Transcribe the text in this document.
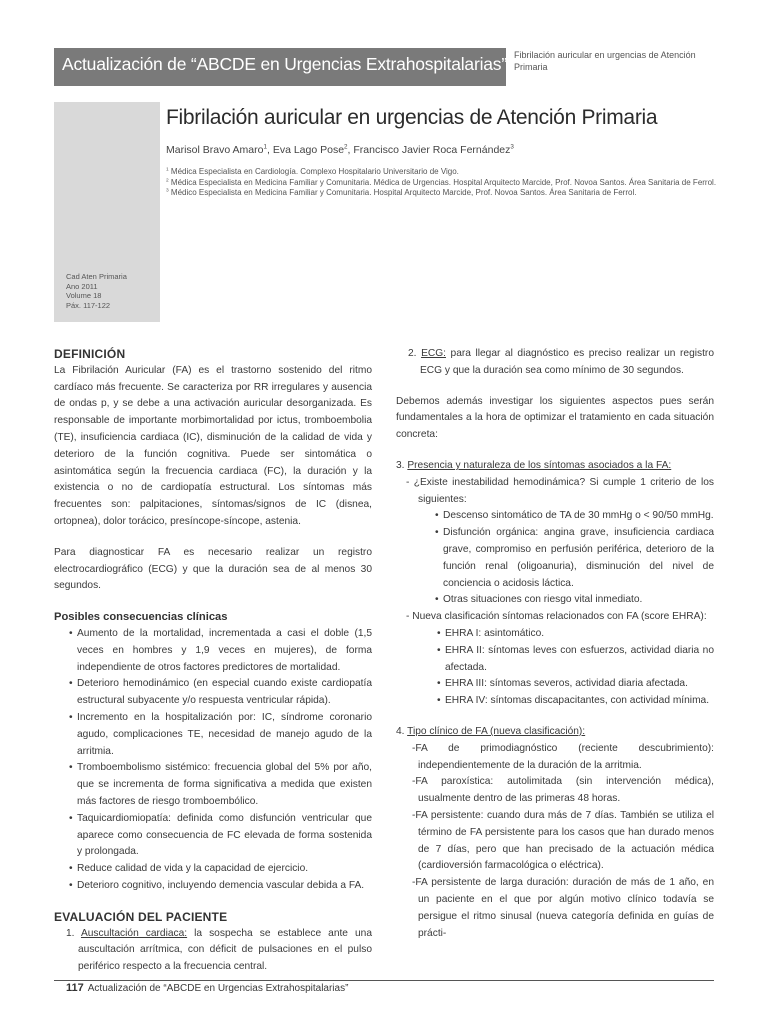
Actualización de “ABCDE en Urgencias Extrahospitalarias” Fibrilación auricular en urgencias de Atención Primaria
Cad Aten Primaria
Ano 2011
Volume 18
Páx. 117-122
Fibrilación auricular en urgencias de Atención Primaria
Marisol Bravo Amaro$^1$, Eva Lago Pose$^2$, Francisco Javier Roca Fernández$^3$
$^1$ Médica Especialista en Cardiología. Complexo Hospitalario Universitario de Vigo.
$^2$ Médica Especialista en Medicina Familiar y Comunitaria. Médica de Urgencias. Hospital Arquitecto Marcide, Prof. Novoa Santos. Área Sanitaria de Ferrol.
$^3$ Médico Especialista en Medicina Familiar y Comunitaria. Hospital Arquitecto Marcide, Prof. Novoa Santos. Área Sanitaria de Ferrol.
DEFINICIÓN

La Fibrilación Auricular (FA) es el trastorno sostenido del ritmo cardíaco más frecuente. Se caracteriza por RR irregulares y ausencia de ondas p, y se debe a una activación auricular desorganizada. Es responsable de importante morbimortalidad por ictus, tromboembolia (TE), insuficiencia cardiaca (IC), disminución de la calidad de vida y deterioro de la función cognitiva. Puede ser sintomática o asintomática según la frecuencia cardiaca (FC), la duración y la existencia o no de cardiopatía estructural. Los síntomas más frecuentes son: palpitaciones, síntomas/signos de IC (disnea, ortopnea), dolor torácico, presíncope-síncope, astenia.

Para diagnosticar FA es necesario realizar un registro electrocardiográfico (ECG) y que la duración sea de al menos 30 segundos.

Posibles consecuencias clínicas
• Aumento de la mortalidad, incrementada a casi el doble (1,5 veces en hombres y 1,9 veces en mujeres), de forma independiente de otros factores predictores de mortalidad.
• Deterioro hemodinámico (en especial cuando existe cardiopatía estructural subyacente y/o respuesta ventricular rápida).
• Incremento en la hospitalización por: IC, síndrome coronario agudo, complicaciones TE, necesidad de manejo agudo de la arritmia.
• Tromboembolismo sistémico: frecuencia global del 5% por año, que se incrementa de forma significativa a medida que existen más factores de riesgo tromboembólico.
• Taquicardiomiopatía: definida como disfunción ventricular que aparece como consecuencia de FC elevada de forma sostenida y prolongada.
• Reduce calidad de vida y la capacidad de ejercicio.
• Deterioro cognitivo, incluyendo demencia vascular debida a FA.
EVALUACIÓN DEL PACIENTE
1. Auscultación cardiaca: la sospecha se establece ante una auscultación arrítmica, con déficit de pulsaciones en el pulso periférico respecto a la frecuencia central.
2. ECG: para llegar al diagnóstico es preciso realizar un registro ECG y que la duración sea como mínimo de 30 segundos.

Debemos además investigar los siguientes aspectos pues serán fundamentales a la hora de optimizar el tratamiento en cada situación concreta:

3. Presencia y naturaleza de los síntomas asociados a la FA:
- ¿Existe inestabilidad hemodinámica? Si cumple 1 criterio de los siguientes:
• Descenso sintomático de TA de 30 mmHg o < 90/50 mmHg.
• Disfunción orgánica: angina grave, insuficiencia cardiaca grave, compromiso en perfusión periférica, deterioro de la función renal (oligoanuria), disminución del nivel de conciencia o acidosis láctica.
• Otras situaciones con riesgo vital inmediato.
- Nueva clasificación síntomas relacionados con FA (score EHRA):
• EHRA I: asintomático.
• EHRA II: síntomas leves con esfuerzos, actividad diaria no afectada.
• EHRA III: síntomas severos, actividad diaria afectada.
• EHRA IV: síntomas discapacitantes, con actividad mínima.
4. Tipo clínico de FA (nueva clasificación):
-FA de primodiagnóstico (reciente descubrimiento): independientemente de la duración de la arritmia.
-FA paroxística: autolimitada (sin intervención médica), usualmente dentro de las primeras 48 horas.
-FA persistente: cuando dura más de 7 días. También se utiliza el término de FA persistente para los casos que han durado menos de 7 días, pero que han precisado de la actuación médica (cardioversión farmacológica o eléctrica).
-FA persistente de larga duración: duración de más de 1 año, en un paciente en el que por algún motivo clínico todavía se persigue el ritmo sinusal (nueva categoría definida en guías de prácti-
117 Actualización de “ABCDE en Urgencias Extrahospitalarias”
